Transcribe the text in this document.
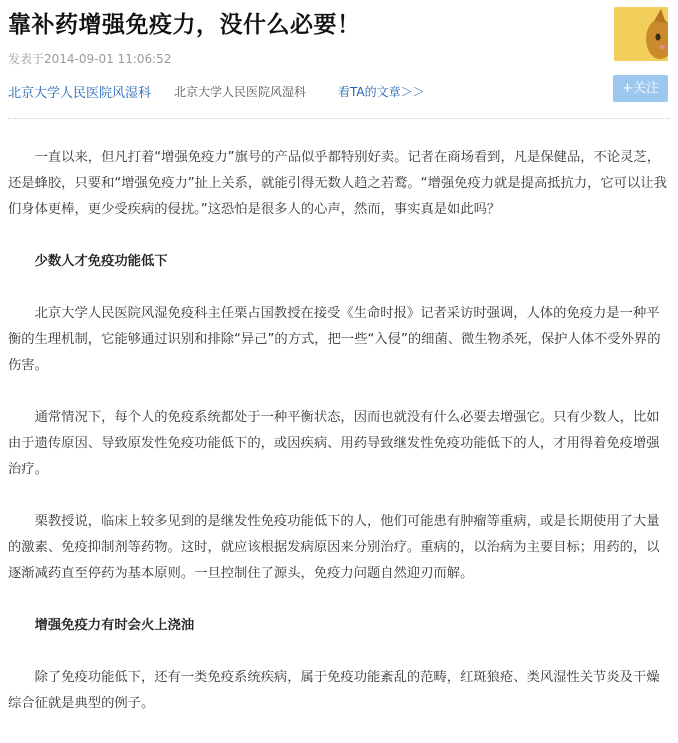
靠补药增强免疫力，没什么必要！
发表于2014-09-01 11:06:52
北京大学人民医院风湿科 北京大学人民医院风湿科	看TA的文章＞＞	+关注

一直以来，但凡打着“增强免疫力”旗号的产品似乎都特别好卖。记者在商场看到，凡是保健品，不论灵芝，还是蜂胶，只要和“增强免疫力”扯上关系，就能引得无数人趋之若鹜。“增强免疫力就是提高抵抗力，它可以让我们身体更棒，更少受疾病的侵扰。”这恐怕是很多人的心声，然而，事实真是如此吗？

少数人才免疫功能低下

北京大学人民医院风湿免疫科主任栗占国教授在接受《生命时报》记者采访时强调，人体的免疫力是一种平衡的生理机制，它能够通过识别和排除“异己”的方式，把一些“入侵”的细菌、微生物杀死，保护人体不受外界的伤害。

通常情况下，每个人的免疫系统都处于一种平衡状态，因而也就没有什么必要去增强它。只有少数人，比如由于遗传原因、导致原发性免疫功能低下的，或因疾病、用药导致继发性免疫功能低下的人，才用得着免疫增强治疗。

栗教授说，临床上较多见到的是继发性免疫功能低下的人，他们可能患有肿瘤等重病，或是长期使用了大量的激素、免疫抑制剂等药物。这时，就应该根据发病原因来分别治疗。重病的，以治病为主要目标；用药的，以逐渐减药直至停药为基本原则。一旦控制住了源头，免疫力问题自然迎刃而解。

增强免疫力有时会火上浇油

除了免疫功能低下，还有一类免疫系统疾病，属于免疫功能紊乱的范畴，红斑狼疮、类风湿性关节炎及干燥综合征就是典型的例子。
